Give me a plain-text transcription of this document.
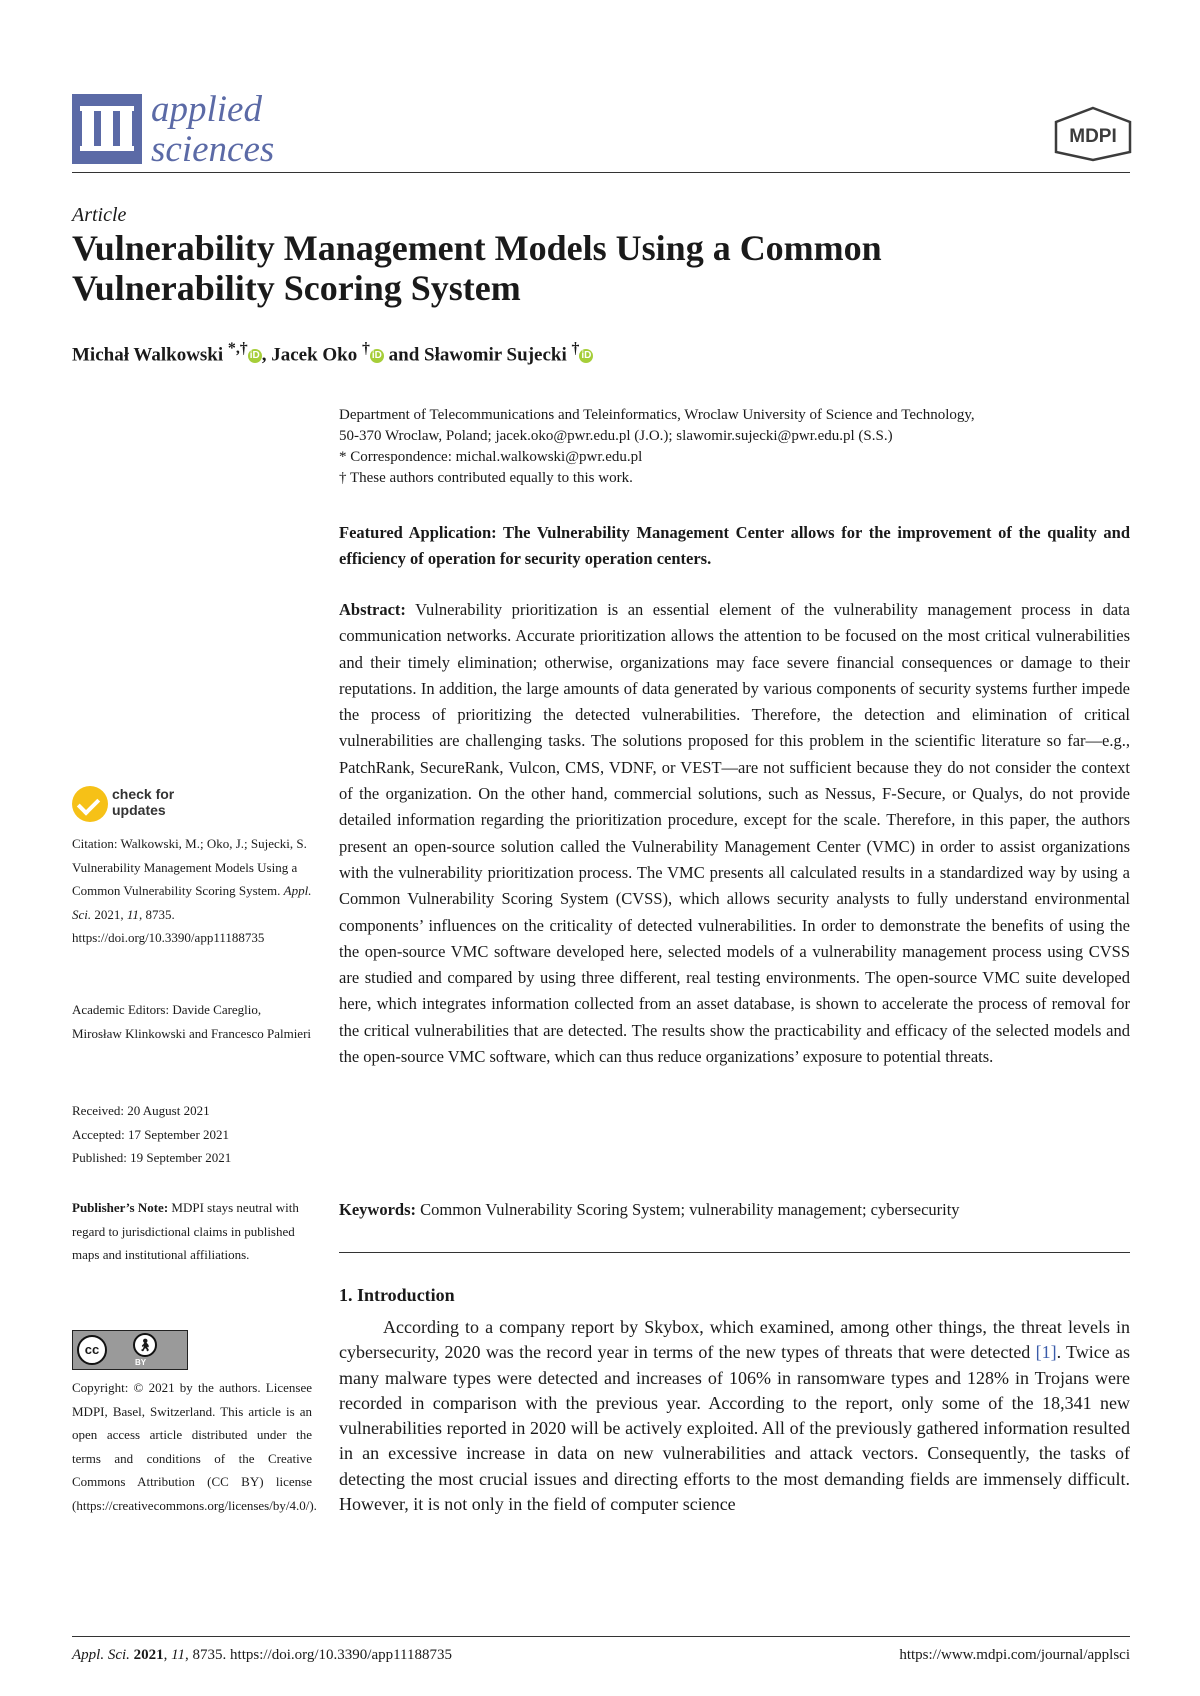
applied
sciences	MDPI
Article
Vulnerability Management Models Using a Common Vulnerability Scoring System
Michał Walkowski *,† iD , Jacek Oko † iD and Sławomir Sujecki † iD

Department of Telecommunications and Teleinformatics, Wroclaw University of Science and Technology,

50-370 Wroclaw, Poland; jacek.oko@pwr.edu.pl (J.O.); slawomir.sujecki@pwr.edu.pl (S.S.)

* Correspondence: michal.walkowski@pwr.edu.pl

† These authors contributed equally to this work.

Featured Application: The Vulnerability Management Center allows for the improvement of the quality and efficiency of operation for security operation centers.
Abstract: Vulnerability prioritization is an essential element of the vulnerability management process in data communication networks. Accurate prioritization allows the attention to be focused on the most critical vulnerabilities and their timely elimination; otherwise, organizations may face severe financial consequences or damage to their reputations. In addition, the large amounts of data generated by various components of security systems further impede the process of prioritizing the detected vulnerabilities. Therefore, the detection and elimination of critical vulnerabilities are challenging tasks. The solutions proposed for this problem in the scientific literature so far—e.g., PatchRank, SecureRank, Vulcon, CMS, VDNF, or VEST—are not sufficient because they do not consider the context of the organization. On the other hand, commercial solutions, such as Nessus, F-Secure, or Qualys, do not provide detailed information regarding the prioritization procedure, except for the scale. Therefore, in this paper, the authors present an open-source solution called the Vulnerability Management Center (VMC) in order to assist organizations with the vulnerability prioritization process. The VMC presents all calculated results in a standardized way by using a Common Vulnerability Scoring System (CVSS), which allows security analysts to fully understand environmental components’ influences on the criticality of detected vulnerabilities. In order to demonstrate the benefits of using the the open-source VMC software developed here, selected models of a vulnerability management process using CVSS are studied and compared by using three different, real testing environments. The open-source VMC suite developed here, which integrates information collected from an asset database, is shown to accelerate the process of removal for the critical vulnerabilities that are detected. The results show the practicability and efficacy of the selected models and the open-source VMC software, which can thus reduce organizations’ exposure to potential threats.
Keywords: Common Vulnerability Scoring System; vulnerability management; cybersecurity
1. Introduction

According to a company report by Skybox, which examined, among other things, the threat levels in cybersecurity, 2020 was the record year in terms of the new types of threats that were detected [1]. Twice as many malware types were detected and increases of 106% in ransomware types and 128% in Trojans were recorded in comparison with the previous year. According to the report, only some of the 18,341 new vulnerabilities reported in 2020 will be actively exploited. All of the previously gathered information resulted in an excessive increase in data on new vulnerabilities and attack vectors. Consequently, the tasks of detecting the most crucial issues and directing efforts to the most demanding fields are immensely difficult. However, it is not only in the field of computer science

check for
updates

Citation: Walkowski, M.; Oko, J.; Sujecki, S. Vulnerability Management Models Using a Common Vulnerability Scoring System. Appl. Sci. 2021, 11, 8735. https://doi.org/10.3390/app11188735

Academic Editors: Davide Careglio, Mirosław Klinkowski and Francesco Palmieri

Received: 20 August 2021

Accepted: 17 September 2021

Published: 19 September 2021

Publisher’s Note: MDPI stays neutral with regard to jurisdictional claims in published maps and institutional affiliations.

cc	🚶︎
BY
Copyright: © 2021 by the authors. Licensee MDPI, Basel, Switzerland. This article is an open access article distributed under the terms and conditions of the Creative Commons Attribution (CC BY) license (https://creativecommons.org/licenses/by/4.0/).
Appl. Sci. 2021, 11, 8735. https://doi.org/10.3390/app11188735	https://www.mdpi.com/journal/applsci
